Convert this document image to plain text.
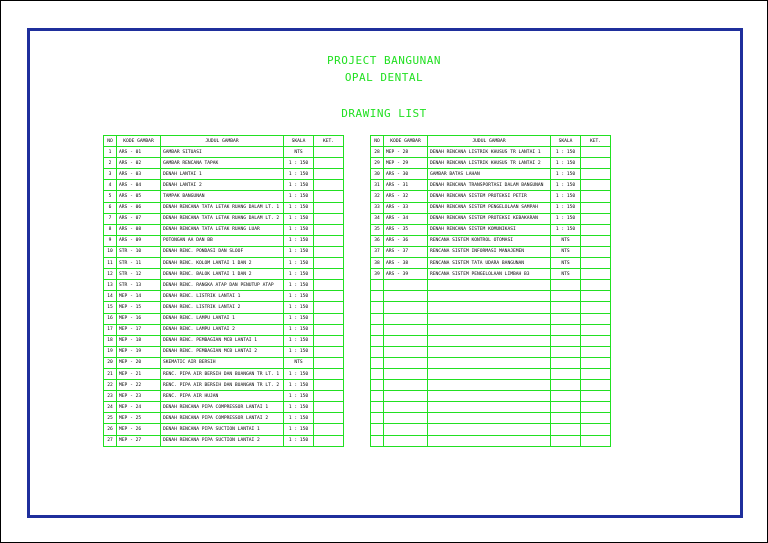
PROJECT BANGUNAN
OPAL DENTAL
DRAWING LIST
NO	KODE GAMBAR	JUDUL GAMBAR	SKALA	KET.
1	ARS - 01	GAMBAR SITUASI	NTS	
2	ARS - 02	GAMBAR RENCANA TAPAK	1 : 150	
3	ARS - 03	DENAH LANTAI 1	1 : 150	
4	ARS - 04	DENAH LANTAI 2	1 : 150	
5	ARS - 05	TAMPAK BANGUNAN	1 : 150	
6	ARS - 06	DENAH RENCANA TATA LETAK RUANG DALAM LT. 1	1 : 150	
7	ARS - 07	DENAH RENCANA TATA LETAK RUANG DALAM LT. 2	1 : 150	
8	ARS - 08	DENAH RENCANA TATA LETAK RUANG LUAR	1 : 150	
9	ARS - 09	POTONGAN AA DAN BB	1 : 150	
10	STR - 10	DENAH RENC. PONDASI DAN SLOOF	1 : 150	
11	STR - 11	DENAH RENC. KOLOM LANTAI 1 DAN 2	1 : 150	
12	STR - 12	DENAH RENC. BALOK LANTAI 1 DAN 2	1 : 150	
13	STR - 13	DENAH RENC. RANGKA ATAP DAN PENUTUP ATAP	1 : 150	
14	MEP - 14	DENAH RENC. LISTRIK LANTAI 1	1 : 150	
15	MEP - 15	DENAH RENC. LISTRIK LANTAI 2	1 : 150	
16	MEP - 16	DENAH RENC. LAMPU LANTAI 1	1 : 150	
17	MEP - 17	DENAH RENC. LAMPU LANTAI 2	1 : 150	
18	MEP - 18	DENAH RENC. PEMBAGIAN MCB LANTAI 1	1 : 150	
19	MEP - 19	DENAH RENC. PEMBAGIAN MCB LANTAI 2	1 : 150	
20	MEP - 20	SKEMATIC AIR BERSIH	NTS	
21	MEP - 21	RENC. PIPA AIR BERSIH DAN BUANGAN TR LT. 1	1 : 150	
22	MEP - 22	RENC. PIPA AIR BERSIH DAN BUANGAN TR LT. 2	1 : 150	
23	MEP - 23	RENC. PIPA AIR HUJAN	1 : 150	
24	MEP - 24	DENAH RENCANA PIPA COMPRESSOR LANTAI 1	1 : 150	
25	MEP - 25	DENAH RENCANA PIPA COMPRESSOR LANTAI 2	1 : 150	
26	MEP - 26	DENAH RENCANA PIPA SUCTION LANTAI 1	1 : 150	
27	MEP - 27	DENAH RENCANA PIPA SUCTION LANTAI 2	1 : 150	
NO	KODE GAMBAR	JUDUL GAMBAR	SKALA	KET.
28	MEP - 28	DENAH RENCANA LISTRIK KHUSUS TR LANTAI 1	1 : 150	
29	MEP - 29	DENAH RENCANA LISTRIK KHUSUS TR LANTAI 2	1 : 150	
30	ARS - 30	GAMBAR BATAS LAHAN	1 : 150	
31	ARS - 31	DENAH RENCANA TRANSPORTASI DALAM BANGUNAN	1 : 150	
32	ARS - 32	DENAH RENCANA SISTEM PROTEKSI PETIR	1 : 150	
33	ARS - 33	DENAH RENCANA SISTEM PENGELOLAAN SAMPAH	1 : 150	
34	ARS - 34	DENAH RENCANA SISTEM PROTEKSI KEBAKARAN	1 : 150	
35	ARS - 35	DENAH RENCANA SISTEM KOMUNIKASI	1 : 150	
36	ARS - 36	RENCANA SISTEM KONTROL OTOMASI	NTS	
37	ARS - 37	RENCANA SISTEM INFORMASI MANAJEMEN	NTS	
38	ARS - 38	RENCANA SISTEM TATA UDARA BANGUNAN	NTS	
39	ARS - 39	RENCANA SISTEM PENGELOLAAN LIMBAH B3	NTS	
